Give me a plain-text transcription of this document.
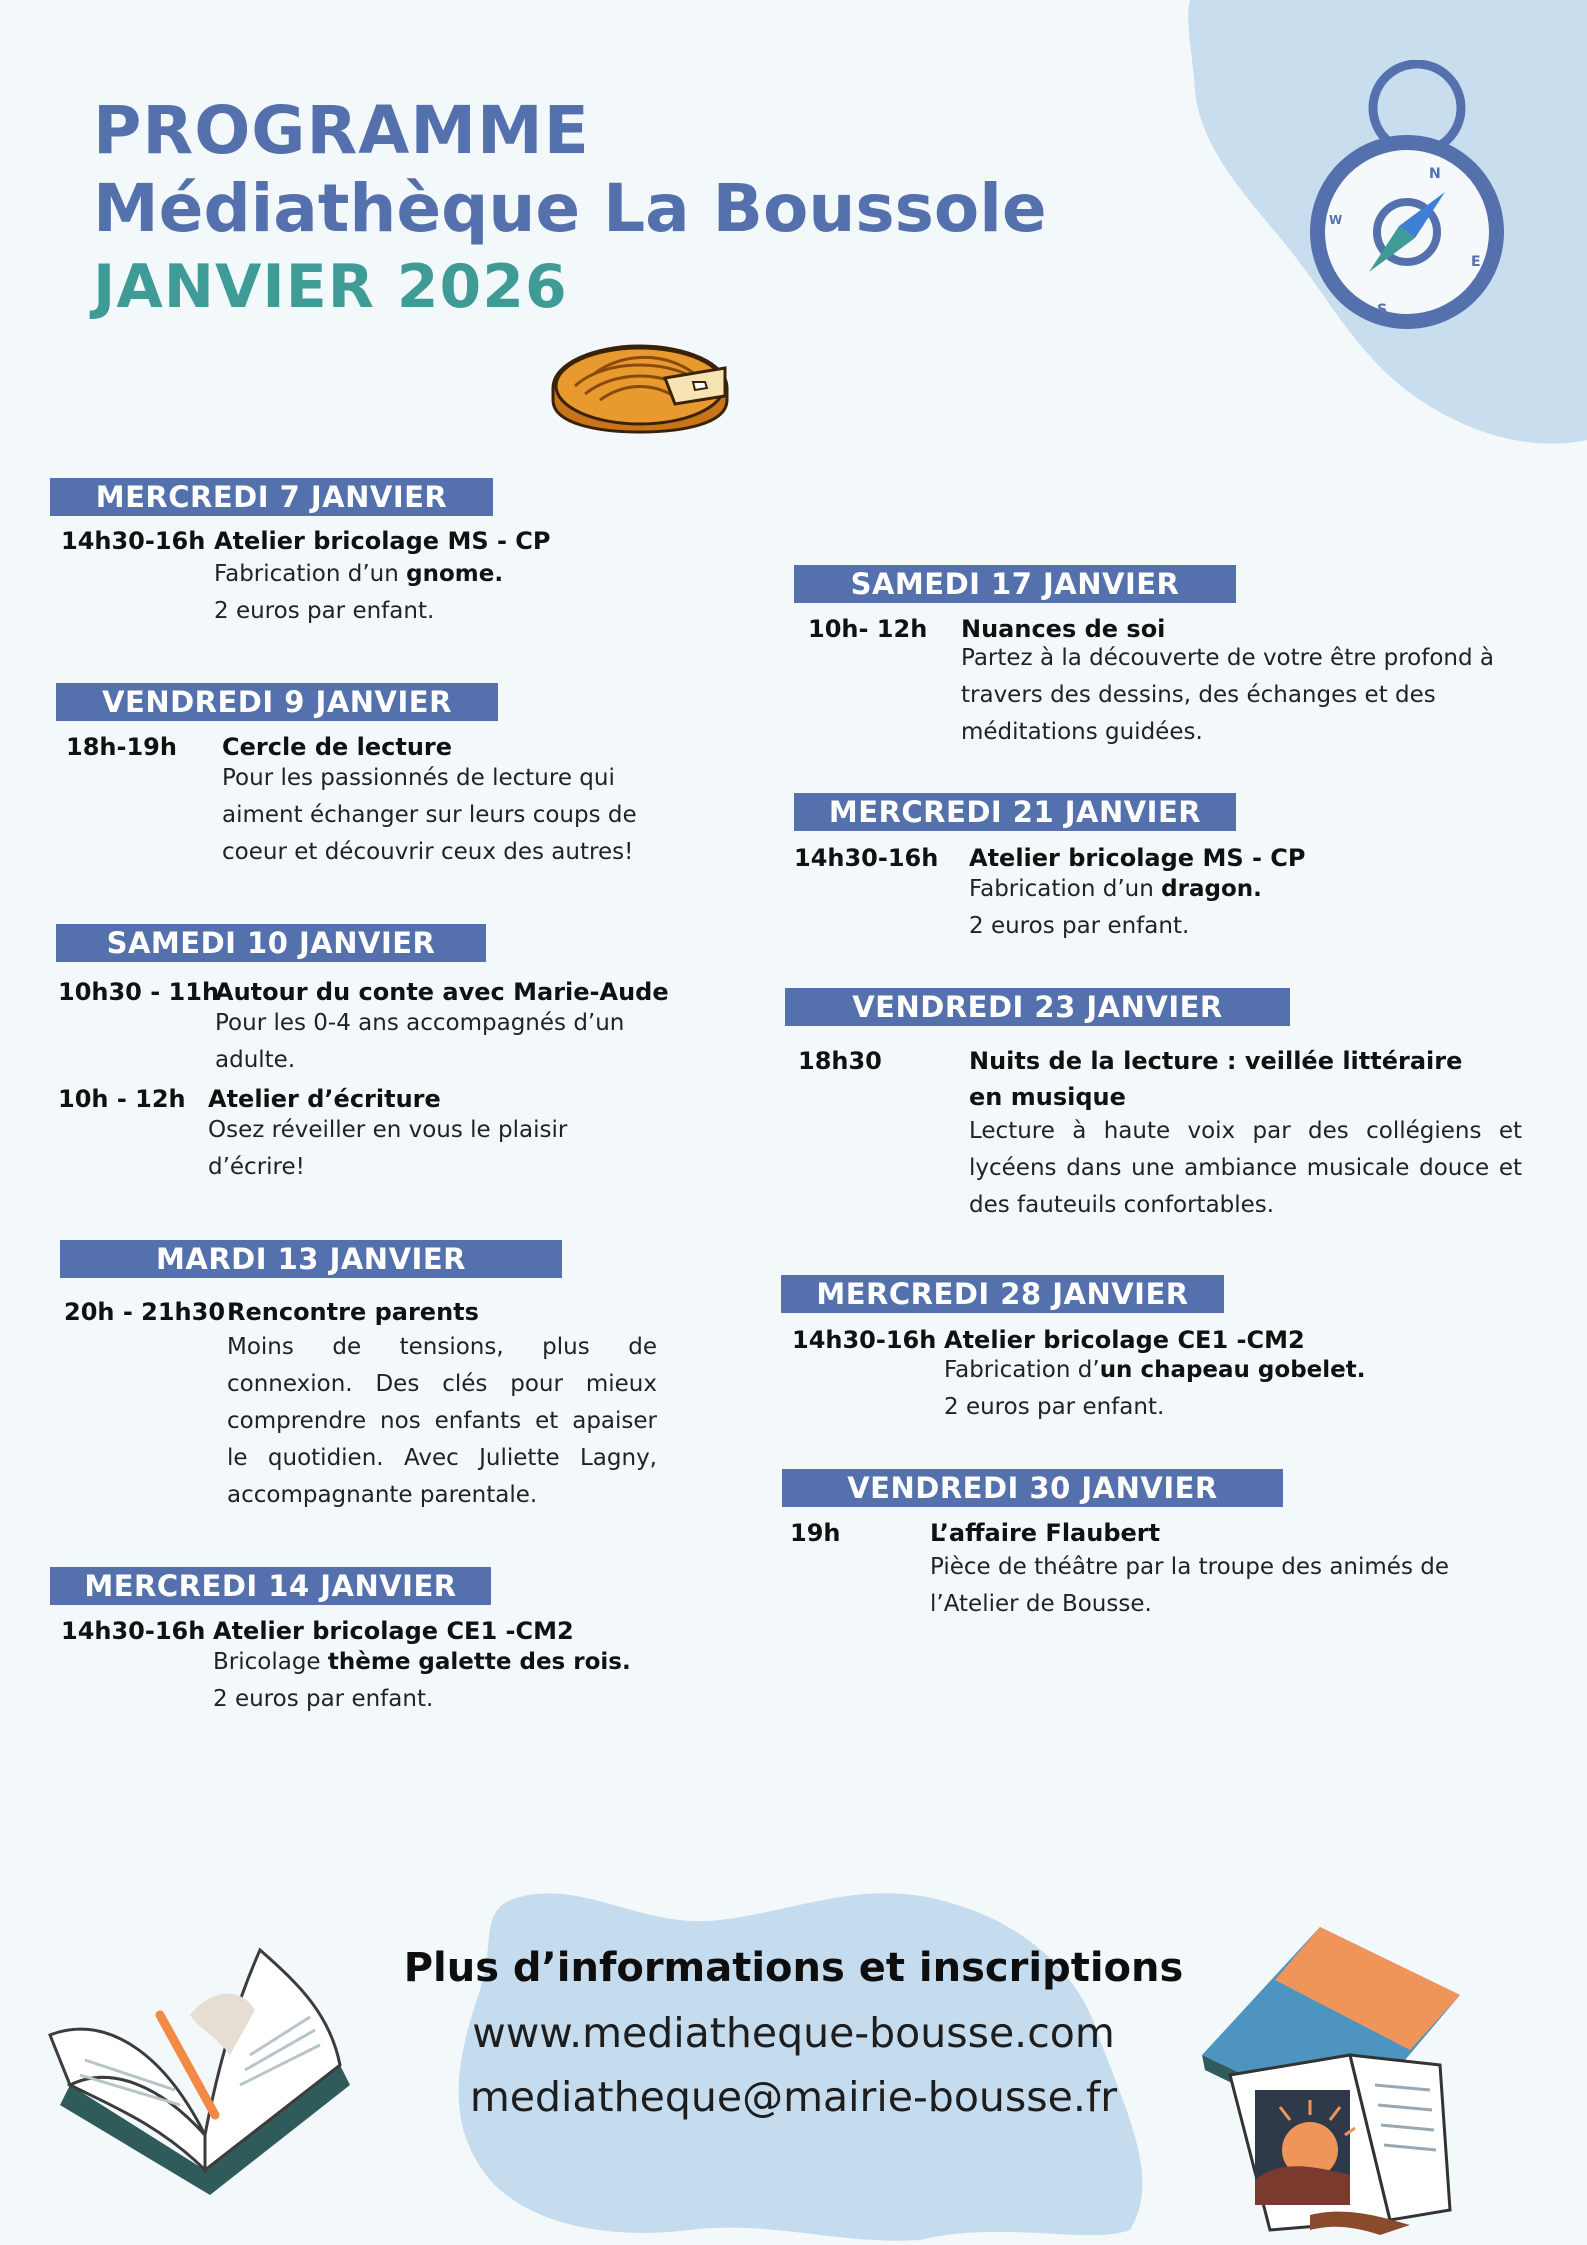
PROGRAMME
Médiathèque La Boussole
JANVIER 2026
N
E
S
W
MERCREDI 7 JANVIER
14h30-16h Atelier bricolage MS - CP
Fabrication d’un gnome.
2 euros par enfant.
VENDREDI 9 JANVIER
18h-19h Cercle de lecture
Pour les passionnés de lecture qui aiment échanger sur leurs coups de coeur et découvrir ceux des autres!
SAMEDI 10 JANVIER
10h30 - 11h
Autour du conte avec Marie-Aude
Pour les 0-4 ans accompagnés d’un adulte.
10h - 12h Atelier d’écriture
Osez réveiller en vous le plaisir d’écrire!
MARDI 13 JANVIER
20h - 21h30 Rencontre parents
Moins de tensions, plus de connexion. Des clés pour mieux comprendre nos enfants et apaiser le quotidien. Avec Juliette Lagny, accompagnante parentale.
MERCREDI 14 JANVIER
14h30-16h Atelier bricolage CE1 -CM2
Bricolage thème galette des rois.
2 euros par enfant.
SAMEDI 17 JANVIER
10h- 12h Nuances de soi
Partez à la découverte de votre être profond à travers des dessins, des échanges et des méditations guidées.
MERCREDI 21 JANVIER
14h30-16h Atelier bricolage MS - CP
Fabrication d’un dragon.
2 euros par enfant.
VENDREDI 23 JANVIER
18h30	Nuits de la lecture : veillée littéraire
en musique
Lecture à haute voix par des collégiens et lycéens dans une ambiance musicale douce et des fauteuils confortables.
MERCREDI 28 JANVIER
14h30-16h Atelier bricolage CE1 -CM2
Fabrication d’un chapeau gobelet.
2 euros par enfant.
VENDREDI 30 JANVIER
19h	L’affaire Flaubert
Pièce de théâtre par la troupe des animés de l’Atelier de Bousse.
Plus d’informations et inscriptions
www.mediatheque-bousse.com
mediatheque@mairie-bousse.fr
